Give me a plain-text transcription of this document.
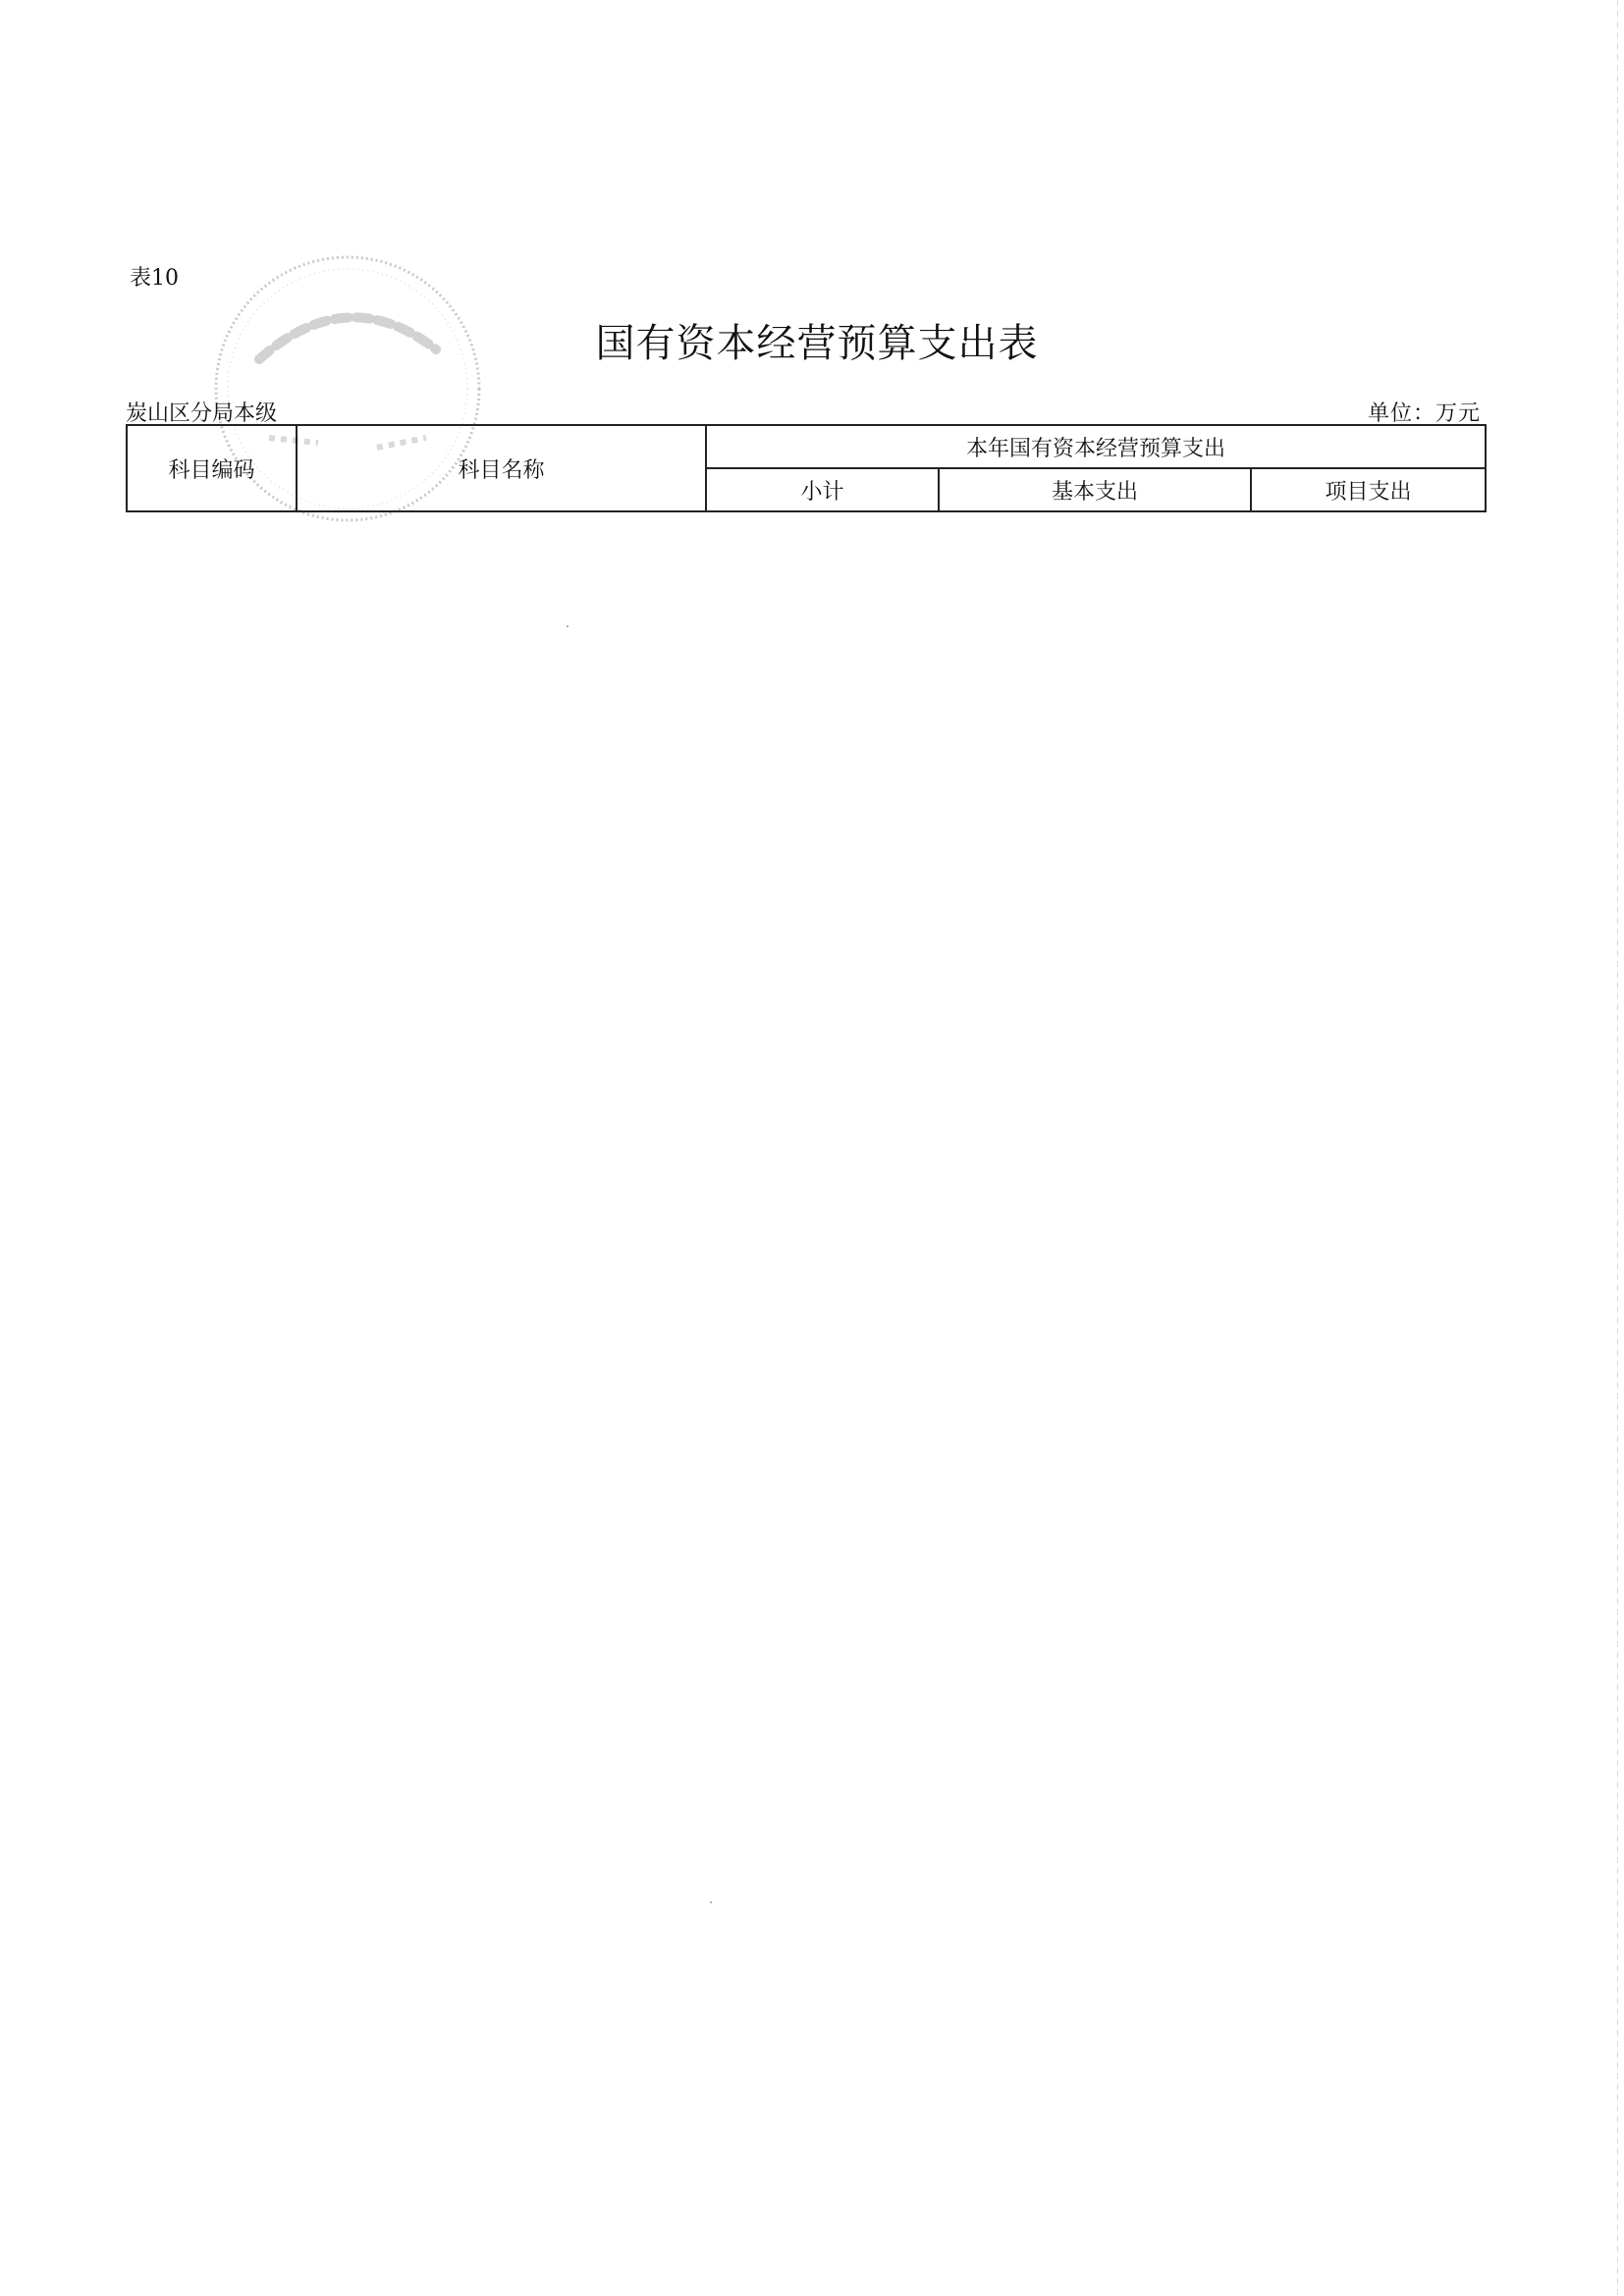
表10
国有资本经营预算支出表
炭山区分局本级	单位：万元
科目编码	科目名称	本年国有资本经营预算支出		
		小计	基本支出	项目支出
